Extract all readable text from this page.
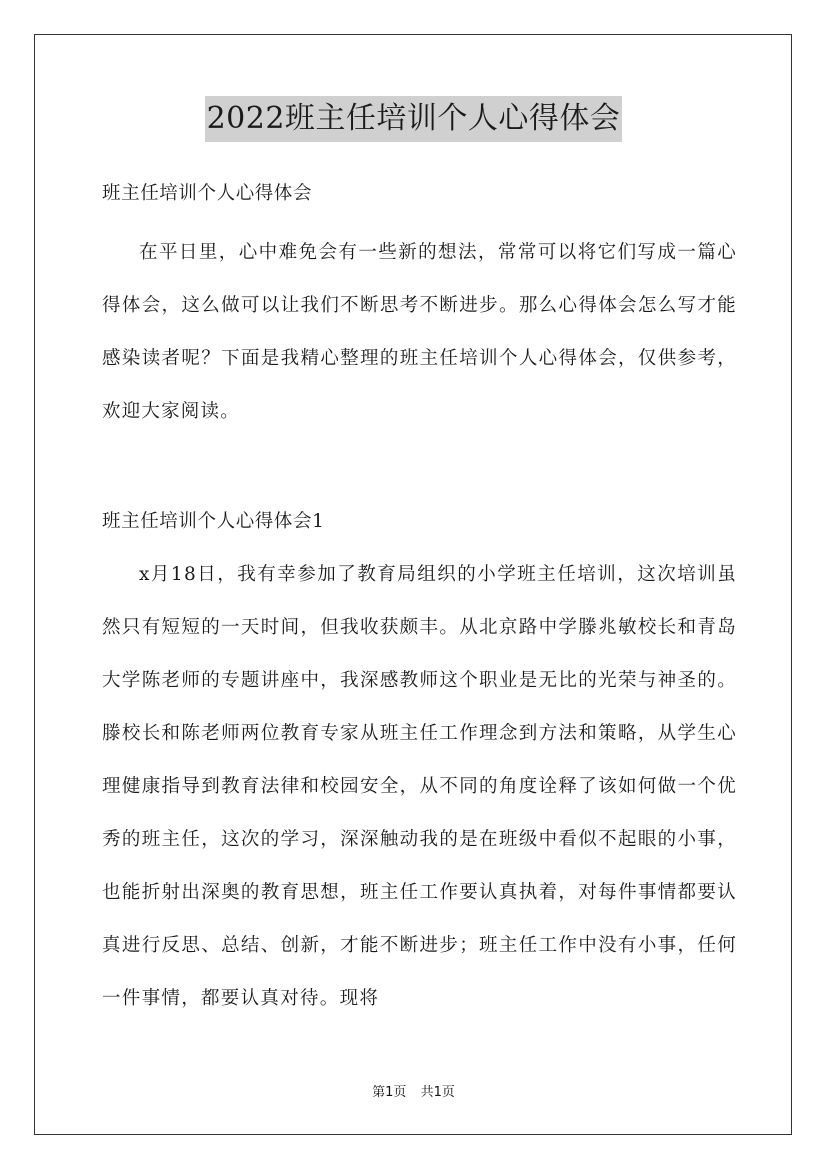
2022班主任培训个人心得体会

班主任培训个人心得体会

在平日里，心中难免会有一些新的想法，常常可以将它们写成一篇心得体会，这么做可以让我们不断思考不断进步。那么心得体会怎么写才能感染读者呢？下面是我精心整理的班主任培训个人心得体会，仅供参考，欢迎大家阅读。

班主任培训个人心得体会1

x月18日，我有幸参加了教育局组织的小学班主任培训，这次培训虽然只有短短的一天时间，但我收获颇丰。从北京路中学滕兆敏校长和青岛大学陈老师的专题讲座中，我深感教师这个职业是无比的光荣与神圣的。滕校长和陈老师两位教育专家从班主任工作理念到方法和策略，从学生心理健康指导到教育法律和校园安全，从不同的角度诠释了该如何做一个优秀的班主任，这次的学习，深深触动我的是在班级中看似不起眼的小事，也能折射出深奥的教育思想，班主任工作要认真执着，对每件事情都要认真进行反思、总结、创新，才能不断进步；班主任工作中没有小事，任何一件事情，都要认真对待。现将

第1页 共1页
